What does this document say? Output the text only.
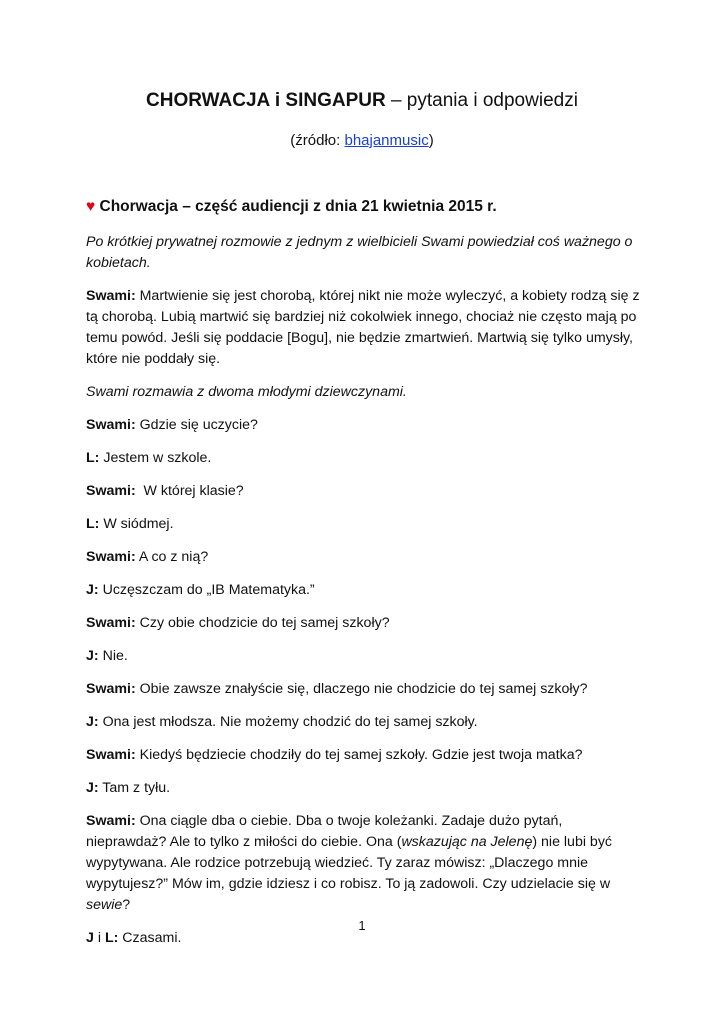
CHORWACJA i SINGAPUR – pytania i odpowiedzi
(źródło: bhajanmusic)
♥ Chorwacja – część audiencji z dnia 21 kwietnia 2015 r.

Po krótkiej prywatnej rozmowie z jednym z wielbicieli Swami powiedział coś ważnego o kobietach.

Swami: Martwienie się jest chorobą, której nikt nie może wyleczyć, a kobiety rodzą się z tą chorobą. Lubią martwić się bardziej niż cokolwiek innego, chociaż nie często mają po temu powód. Jeśli się poddacie [Bogu], nie będzie zmartwień. Martwią się tylko umysły, które nie poddały się.

Swami rozmawia z dwoma młodymi dziewczynami.

Swami: Gdzie się uczycie?

L: Jestem w szkole.

Swami:  W której klasie?

L: W siódmej.

Swami: A co z nią?

J: Uczęszczam do „IB Matematyka.”

Swami: Czy obie chodzicie do tej samej szkoły?

J: Nie.

Swami: Obie zawsze znałyście się, dlaczego nie chodzicie do tej samej szkoły?

J: Ona jest młodsza. Nie możemy chodzić do tej samej szkoły.

Swami: Kiedyś będziecie chodziły do tej samej szkoły. Gdzie jest twoja matka?

J: Tam z tyłu.

Swami: Ona ciągle dba o ciebie. Dba o twoje koleżanki. Zadaje dużo pytań, nieprawdaż? Ale to tylko z miłości do ciebie. Ona (wskazując na Jelenę) nie lubi być wypytywana. Ale rodzice potrzebują wiedzieć. Ty zaraz mówisz: „Dlaczego mnie wypytujesz?” Mów im, gdzie idziesz i co robisz. To ją zadowoli. Czy udzielacie się w sewie?

J i L: Czasami.

1
